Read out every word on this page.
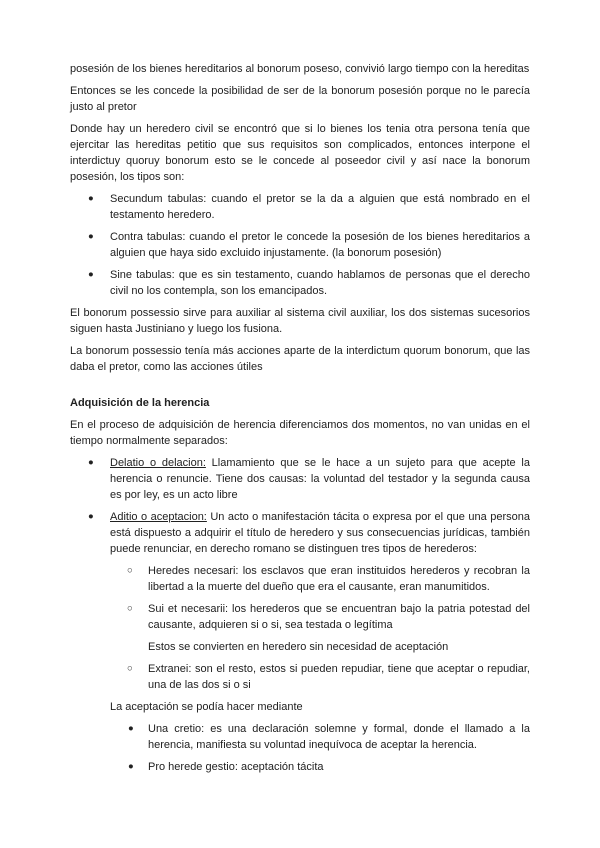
posesión de los bienes hereditarios al bonorum poseso, convivió largo tiempo con la hereditas

Entonces se les concede la posibilidad de ser de la bonorum posesión porque no le parecía justo al pretor

Donde hay un heredero civil se encontró que si lo bienes los tenia otra persona tenía que ejercitar las hereditas petitio que sus requisitos son complicados, entonces interpone el interdictuy quoruy bonorum esto se le concede al poseedor civil y así nace la bonorum posesión, los tipos son:

●	Secundum tabulas: cuando el pretor se la da a alguien que está nombrado en el testamento heredero.
●	Contra tabulas: cuando el pretor le concede la posesión de los bienes hereditarios a alguien que haya sido excluido injustamente. (la bonorum posesión)
●	Sine tabulas: que es sin testamento, cuando hablamos de personas que el derecho civil no los contempla, son los emancipados.

El bonorum possessio sirve para auxiliar al sistema civil auxiliar, los dos sistemas sucesorios siguen hasta Justiniano y luego los fusiona.

La bonorum possessio tenía más acciones aparte de la interdictum quorum bonorum, que las daba el pretor, como las acciones útiles

Adquisición de la herencia

En el proceso de adquisición de herencia diferenciamos dos momentos, no van unidas en el tiempo normalmente separados:

●	Delatio o delacion: Llamamiento que se le hace a un sujeto para que acepte la herencia o renuncie. Tiene dos causas: la voluntad del testador y la segunda causa es por ley, es un acto libre
●	Aditio o aceptacion: Un acto o manifestación tácita o expresa por el que una persona está dispuesto a adquirir el título de heredero y sus consecuencias jurídicas, también puede renunciar, en derecho romano se distinguen tres tipos de herederos:
○	Heredes necesari: los esclavos que eran instituidos herederos y recobran la libertad a la muerte del dueño que era el causante, eran manumitidos.
○	Sui et necesarii: los herederos que se encuentran bajo la patria potestad del causante, adquieren si o si, sea testada o legítima

Estos se convierten en heredero sin necesidad de aceptación

○	Extranei: son el resto, estos si pueden repudiar, tiene que aceptar o repudiar, una de las dos si o si

La aceptación se podía hacer mediante

●	Una cretio: es una declaración solemne y formal, donde el llamado a la herencia, manifiesta su voluntad inequívoca de aceptar la herencia.
●	Pro herede gestio: aceptación tácita
